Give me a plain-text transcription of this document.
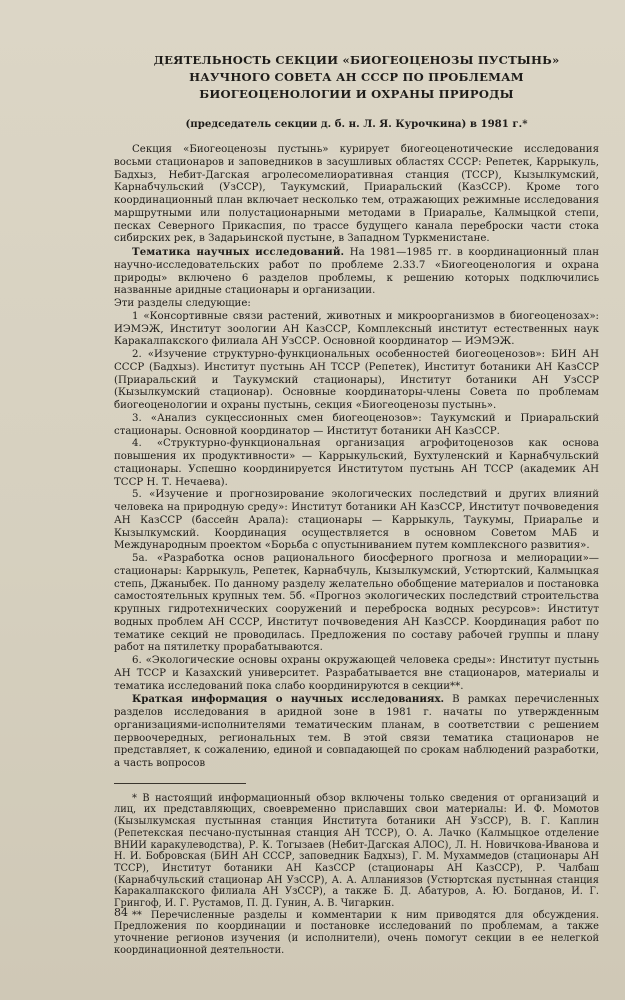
ДЕЯТЕЛЬНОСТЬ СЕКЦИИ «БИОГЕОЦЕНОЗЫ ПУСТЫНЬ» НАУЧНОГО СОВЕТА АН СССР ПО ПРОБЛЕМАМ БИОГЕОЦЕНОЛОГИИ И ОХРАНЫ ПРИРОДЫ
(председатель секции д. б. н. Л. Я. Курочкина) в 1981 г.*

Секция «Биогеоценозы пустынь» курирует биогеоценотические исследования восьми стационаров и заповедников в засушливых областях СССР: Репетек, Каррыкуль, Бадхыз, Небит-Дагская агролесомелиоративная станция (ТССР), Кызылкумский, Карнабчульский (УзССР), Таукумский, Приаральский (КазССР). Кроме того координационный план включает несколько тем, отражающих режимные исследования маршрутными или полустационарными методами в Приаралье, Калмыцкой степи, песках Северного Прикаспия, по трассе будущего канала переброски части стока сибирских рек, в Задарьинской пустыне, в Западном Туркменистане.

Тематика научных исследований. На 1981—1985 гг. в координационный план научно-исследовательских работ по проблеме 2.33.7 «Биогеоценология и охрана природы» включено 6 разделов проблемы, к решению которых подключились названные аридные стационары и организации.

Эти разделы следующие:

1 «Консортивные связи растений, животных и микроорганизмов в биогеоценозах»: ИЭМЭЖ, Институт зоологии АН КазССР, Комплексный институт естественных наук Каракалпакского филиала АН УзССР. Основной координатор — ИЭМЭЖ.

2. «Изучение структурно-функциональных особенностей биогеоценозов»: БИН АН СССР (Бадхыз). Институт пустынь АН ТССР (Репетек), Институт ботаники АН КазССР (Приаральский и Таукумский стационары), Институт ботаники АН УзССР (Кызылкумский стационар). Основные координаторы-члены Совета по проблемам биогеоценологии и охраны пустынь, секция «Биогеоценозы пустынь».

3. «Анализ сукцессионных смен биогеоценозов»: Таукумский и Приаральский стационары. Основной координатор — Институт ботаники АН КазССР.

4. «Структурно-функциональная организация агрофитоценозов как основа повышения их продуктивности» — Каррыкульский, Бухтуленский и Карнабчульский стационары. Успешно координируется Институтом пустынь АН ТССР (академик АН ТССР Н. Т. Нечаева).

5. «Изучение и прогнозирование экологических последствий и других влияний человека на природную среду»: Институт ботаники АН КазССР, Институт почвоведения АН КазССР (бассейн Арала): стационары — Каррыкуль, Таукумы, Приаралье и Кызылкумский. Координация осуществляется в основном Советом МАБ и Международным проектом «Борьба с опустыниванием путем комплексного развития».

5а. «Разработка основ рационального биосферного прогноза и мелиорации»— стационары: Каррыкуль, Репетек, Карнабчуль, Кызылкумский, Устюртский, Калмыцкая степь, Джаныбек. По данному разделу желательно обобщение материалов и постановка самостоятельных крупных тем. 5б. «Прогноз экологических последствий строительства крупных гидротехнических сооружений и переброска водных ресурсов»: Институт водных проблем АН СССР, Институт почвоведения АН КазССР. Координация работ по тематике секций не проводилась. Предложения по составу рабочей группы и плану работ на пятилетку прорабатываются.

6. «Экологические основы охраны окружающей человека среды»: Институт пустынь АН ТССР и Казахский университет. Разрабатывается вне стационаров, материалы и тематика исследований пока слабо координируются в секции**.

Краткая информация о научных исследованиях. В рамках перечисленных разделов исследования в аридной зоне в 1981 г. начаты по утвержденным организациями-исполнителями тематическим планам, в соответствии с решением первоочередных, региональных тем. В этой связи тематика стационаров не представляет, к сожалению, единой и совпадающей по срокам наблюдений разработки, а часть вопросов

* В настоящий информационный обзор включены только сведения от организаций и лиц, их представляющих, своевременно приславших свои материалы: И. Ф. Момотов (Кызылкумская пустынная станция Института ботаники АН УзССР), В. Г. Каплин (Репетекская песчано-пустынная станция АН ТССР), О. А. Лачко (Калмыцкое отделение ВНИИ каракулеводства), Р. К. Тогызаев (Небит-Дагская АЛОС), Л. Н. Новичкова-Иванова и Н. И. Бобровская (БИН АН СССР, заповедник Бадхыз), Г. М. Мухаммедов (стационары АН ТССР), Институт ботаники АН КазССР (стационары АН КазССР), Р. Чалбаш (Карнабчульский стационар АН УзССР), А. А. Алланиязов (Устюртская пустынная станция Каракалпакского филиала АН УзССР), а также Б. Д. Абатуров, А. Ю. Богданов, И. Г. Грингоф, И. Г. Рустамов, П. Д. Гунин, А. В. Чигаркин.

** Перечисленные разделы и комментарии к ним приводятся для обсуждения. Предложения по координации и постановке исследований по проблемам, а также уточнение регионов изучения (и исполнители), очень помогут секции в ее нелегкой координационной деятельности.

84
